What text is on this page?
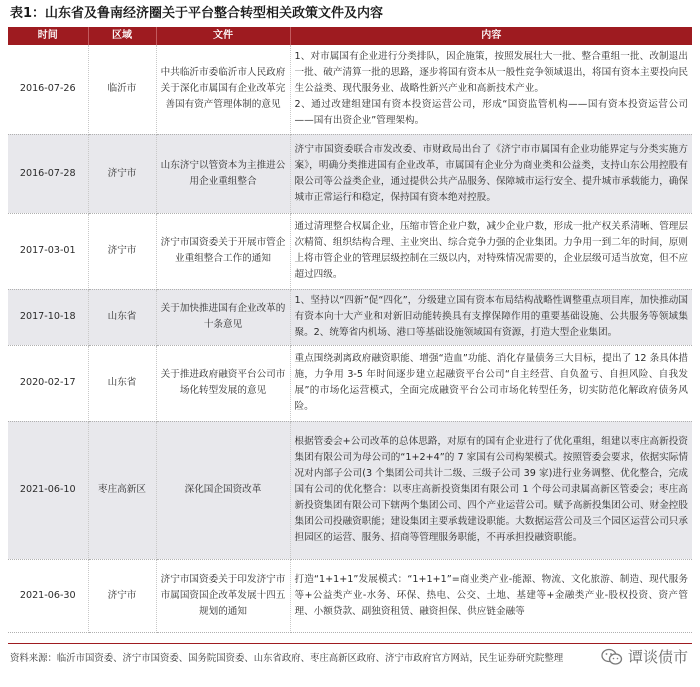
表1：山东省及鲁南经济圈关于平台整合转型相关政策文件及内容
时间	区域	文件	内容
2016-07-26	临沂市	中共临沂市委临沂市人民政府关于深化市属国有企业改革完善国有资产管理体制的意见	1、对市属国有企业进行分类排队，因企施策，按照发展壮大一批、整合重组一批、改制退出一批、破产清算一批的思路，逐步将国有资本从一般性竞争领域退出，将国有资本主要投向民生公益类、现代服务业、战略性新兴产业和高新技术产业。
2、通过改建组建国有资本投资运营公司，形成“国资监管机构——国有资本投资运营公司——国有出资企业”管理架构。
2016-07-28	济宁市	山东济宁以管资本为主推进公用企业重组整合	济宁市国资委联合市发改委、市财政局出台了《济宁市市属国有企业功能界定与分类实施方案》，明确分类推进国有企业改革，市属国有企业分为商业类和公益类，支持山东公用控股有限公司等公益类企业，通过提供公共产品服务、保障城市运行安全、提升城市承载能力，确保城市正常运行和稳定，保持国有资本绝对控股。
2017-03-01	济宁市	济宁市国资委关于开展市管企业重组整合工作的通知	通过清理整合权属企业，压缩市管企业户数，减少企业户数，形成一批产权关系清晰、管理层次精简、组织结构合理、主业突出、综合竞争力强的企业集团。力争用一到二年的时间，原则上将市管企业的管理层级控制在三级以内，对特殊情况需要的，企业层级可适当放宽，但不应超过四级。
2017-10-18	山东省	关于加快推进国有企业改革的十条意见	1、坚持以“四新”促“四化”，分级建立国有资本布局结构战略性调整重点项目库，加快推动国有资本向十大产业和对新旧动能转换具有支撑保障作用的重要基础设施、公共服务等领域集聚。2、统筹省内机场、港口等基础设施领域国有资源，打造大型企业集团。
2020-02-17	山东省	关于推进政府融资平台公司市场化转型发展的意见	重点围绕剥离政府融资职能、增强“造血”功能、消化存量债务三大目标，提出了 12 条具体措施，力争用 3-5 年时间逐步建立起融资平台公司“自主经营、自负盈亏、自担风险、自我发展”的市场化运营模式，全面完成融资平台公司市场化转型任务，切实防范化解政府债务风险。
2021-06-10	枣庄高新区	深化国企国资改革	根据管委会+公司改革的总体思路，对原有的国有企业进行了优化重组，组建以枣庄高新投资集团有限公司为母公司的“1+2+4”的 7 家国有公司构架模式。按照管委会要求，依据实际情况对内部子公司(3 个集团公司共计二级、三级子公司 39 家)进行业务调整、优化整合，完成国有公司的优化整合：以枣庄高新投资集团有限公司 1 个母公司隶属高新区管委会；枣庄高新投资集团有限公司下辖两个集团公司、四个产业运营公司。赋予高新投集团公司、财金控股集团公司投融资职能；建设集团主要承载建设职能。大数据运营公司及三个园区运营公司只承担园区的运营、服务、招商等管理服务职能，不再承担投融资职能。
2021-06-30	济宁市	济宁市国资委关于印发济宁市市属国资国企改革发展十四五规划的通知	打造“1+1+1”发展模式：“1+1+1”=商业类产业-能源、物流、文化旅游、制造、现代服务等+公益类产业-水务、环保、热电、公交、土地、基建等+金融类产业-股权投资、资产管理、小额贷款、副独资租赁、融资担保、供应链金融等
资料来源：临沂市国资委、济宁市国资委、国务院国资委、山东省政府、枣庄高新区政府、济宁市政府官方网站，民生证券研究院整理	谭谈债市
